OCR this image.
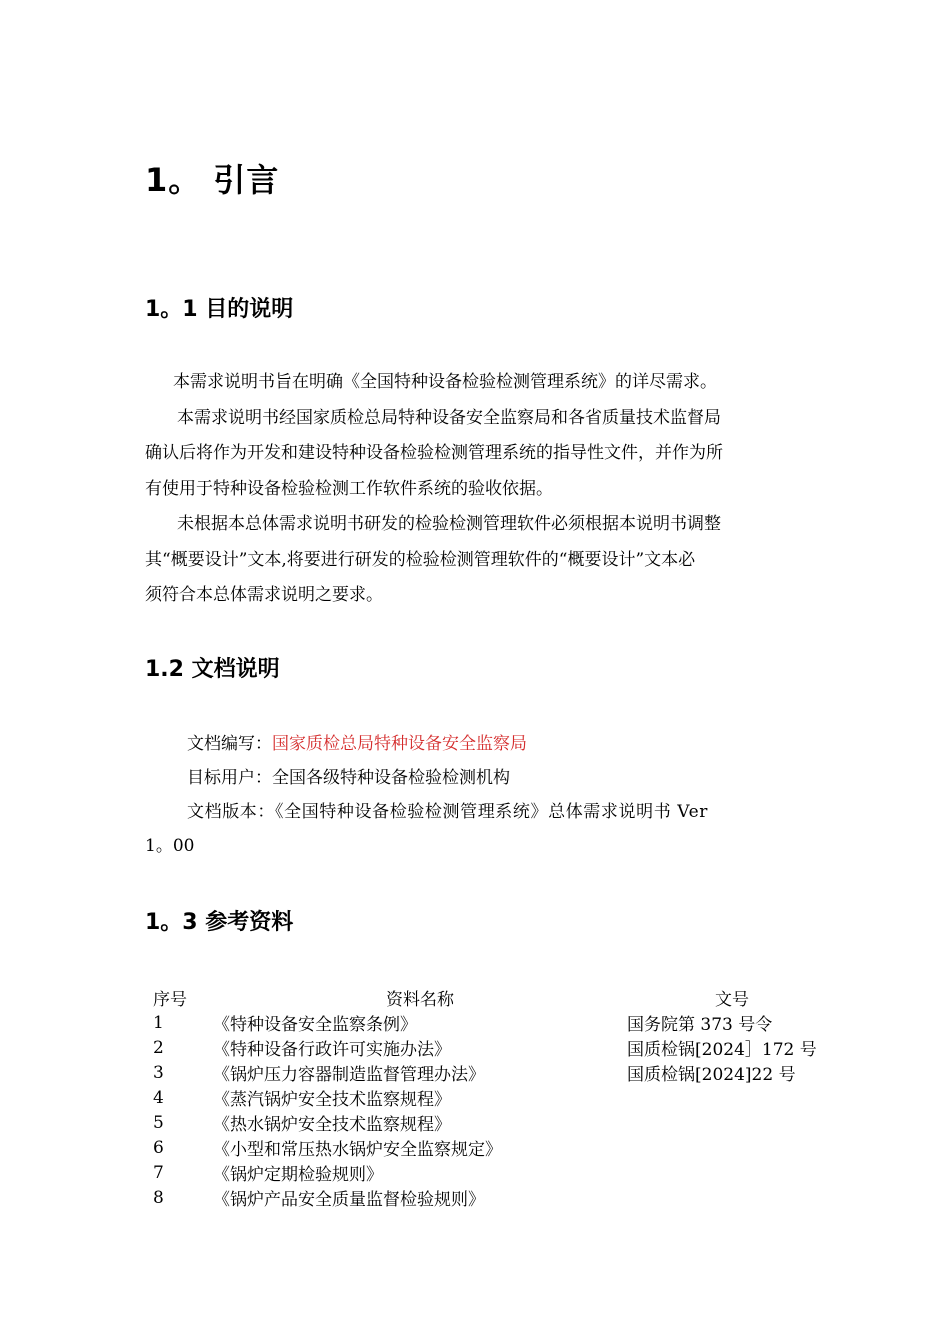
1。 引言
1。1 目的说明
本需求说明书旨在明确《全国特种设备检验检测管理系统》的详尽需求。
本需求说明书经国家质检总局特种设备安全监察局和各省质量技术监督局
确认后将作为开发和建设特种设备检验检测管理系统的指导性文件，并作为所
有使用于特种设备检验检测工作软件系统的验收依据。
未根据本总体需求说明书研发的检验检测管理软件必须根据本说明书调整
其“概要设计”文本,将要进行研发的检验检测管理软件的“概要设计”文本必
须符合本总体需求说明之要求。
1.2 文档说明
文档编写：国家质检总局特种设备安全监察局
目标用户：全国各级特种设备检验检测机构
文档版本：《全国特种设备检验检测管理系统》总体需求说明书 Ver
1。00
1。3 参考资料
序号	资料名称	文号
1	《特种设备安全监察条例》	国务院第 373 号令
2	《特种设备行政许可实施办法》	国质检锅[2024］172 号
3	《锅炉压力容器制造监督管理办法》	国质检锅[2024]22 号
4	《蒸汽锅炉安全技术监察规程》	
5	《热水锅炉安全技术监察规程》	
6	《小型和常压热水锅炉安全监察规定》	
7	《锅炉定期检验规则》	
8	《锅炉产品安全质量监督检验规则》	
